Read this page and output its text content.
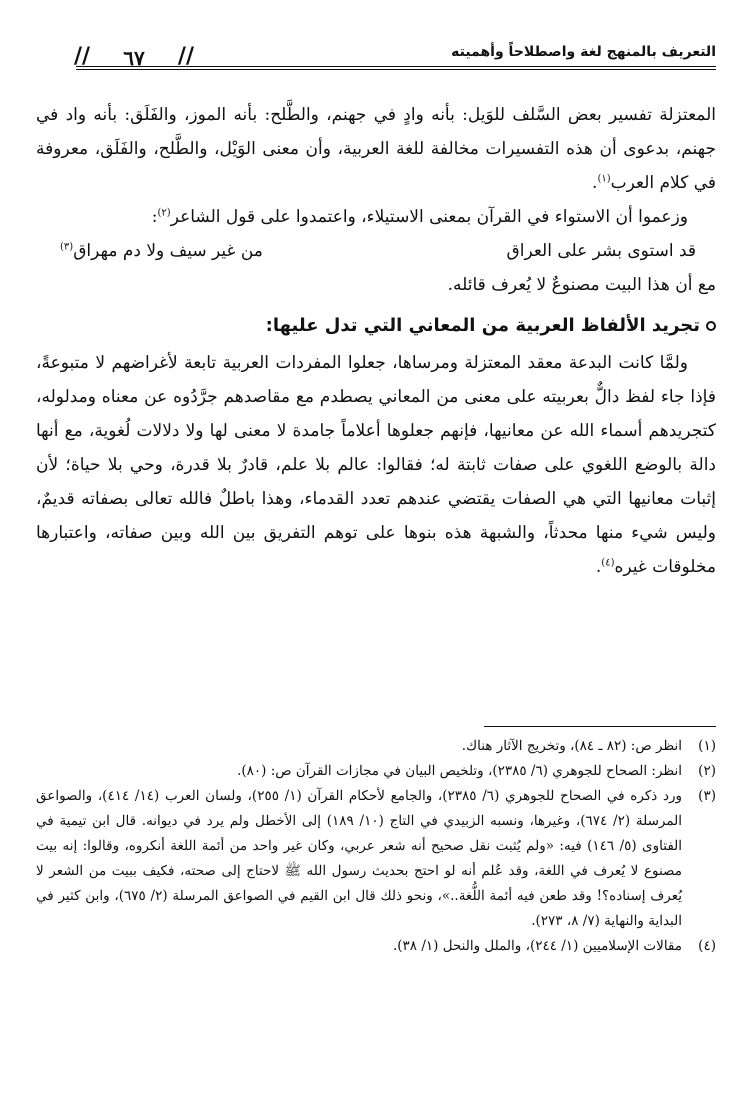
التعريف بالمنهج لغة واصطلاحاً وأهميته
//
٦٧
//

المعتزلة تفسير بعض السَّلف للوَيل: بأنه وادٍ في جهنم، والطَّلح: بأنه الموز، والفَلَق: بأنه واد في جهنم، بدعوى أن هذه التفسيرات مخالفة للغة العربية، وأن معنى الوَيْل، والطَّلح، والفَلَق، معروفة في كلام العرب$^{(١)}$.

وزعموا أن الاستواء في القرآن بمعنى الاستيلاء، واعتمدوا على قول الشاعر$^{(٢)}$:

قد استوى بشر على العراق
من غير سيف ولا دم مهراق$^{(٣)}$

مع أن هذا البيت مصنوعٌ لا يُعرف قائله.

تجريد الألفاظ العربية من المعاني التي تدل عليها:

ولمَّا كانت البدعة معقد المعتزلة ومرساها، جعلوا المفردات العربية تابعة لأغراضهم لا متبوعةً، فإذا جاء لفظ دالٌّ بعربيته على معنى من المعاني يصطدم مع مقاصدهم جرَّدُوه عن معناه ومدلوله، كتجريدهم أسماء الله عن معانيها، فإنهم جعلوها أعلاماً جامدة لا معنى لها ولا دلالات لُغوية، مع أنها دالة بالوضع اللغوي على صفات ثابتة له؛ فقالوا: عالم بلا علم، قادرٌ بلا قدرة، وحي بلا حياة؛ لأن إثبات معانيها التي هي الصفات يقتضي عندهم تعدد القدماء، وهذا باطلٌ فالله تعالى بصفاته قديمٌ، وليس شيء منها محدثاً، والشبهة هذه بنوها على توهم التفريق بين الله وبين صفاته، واعتبارها مخلوقات غيره$^{(٤)}$.

(١)
انظر ص: (٨٢ ـ ٨٤)، وتخريج الآثار هناك.
(٢)
انظر: الصحاح للجوهري (٦/ ٢٣٨٥)، وتلخيص البيان في مجازات القرآن ص: (٨٠).
(٣)
ورد ذكره في الصحاح للجوهري (٦/ ٢٣٨٥)، والجامع لأحكام القرآن (١/ ٢٥٥)، ولسان العرب (١٤/ ٤١٤)، والصواعق المرسلة (٢/ ٦٧٤)، وغيرها، ونسبه الزبيدي في التاج (١٠/ ١٨٩) إلى الأخطل ولم يرد في ديوانه. قال ابن تيمية في الفتاوى (٥/ ١٤٦) فيه: «ولم يُثبت نقل صحيح أنه شعر عربي، وكان غير واحد من أئمة اللغة أنكروه، وقالوا: إنه بيت مصنوع لا يُعرف في اللغة، وقد عُلم أنه لو احتج بحديث رسول الله ﷺ لاحتاج إلى صحته، فكيف ببيت من الشعر لا يُعرف إسناده؟! وقد طعن فيه أئمة اللُّغة..»، ونحو ذلك قال ابن القيم في الصواعق المرسلة (٢/ ٦٧٥)، وابن كثير في البداية والنهاية (٧/ ٨، ٢٧٣).
(٤)
مقالات الإسلاميين (١/ ٢٤٤)، والملل والنحل (١/ ٣٨).
